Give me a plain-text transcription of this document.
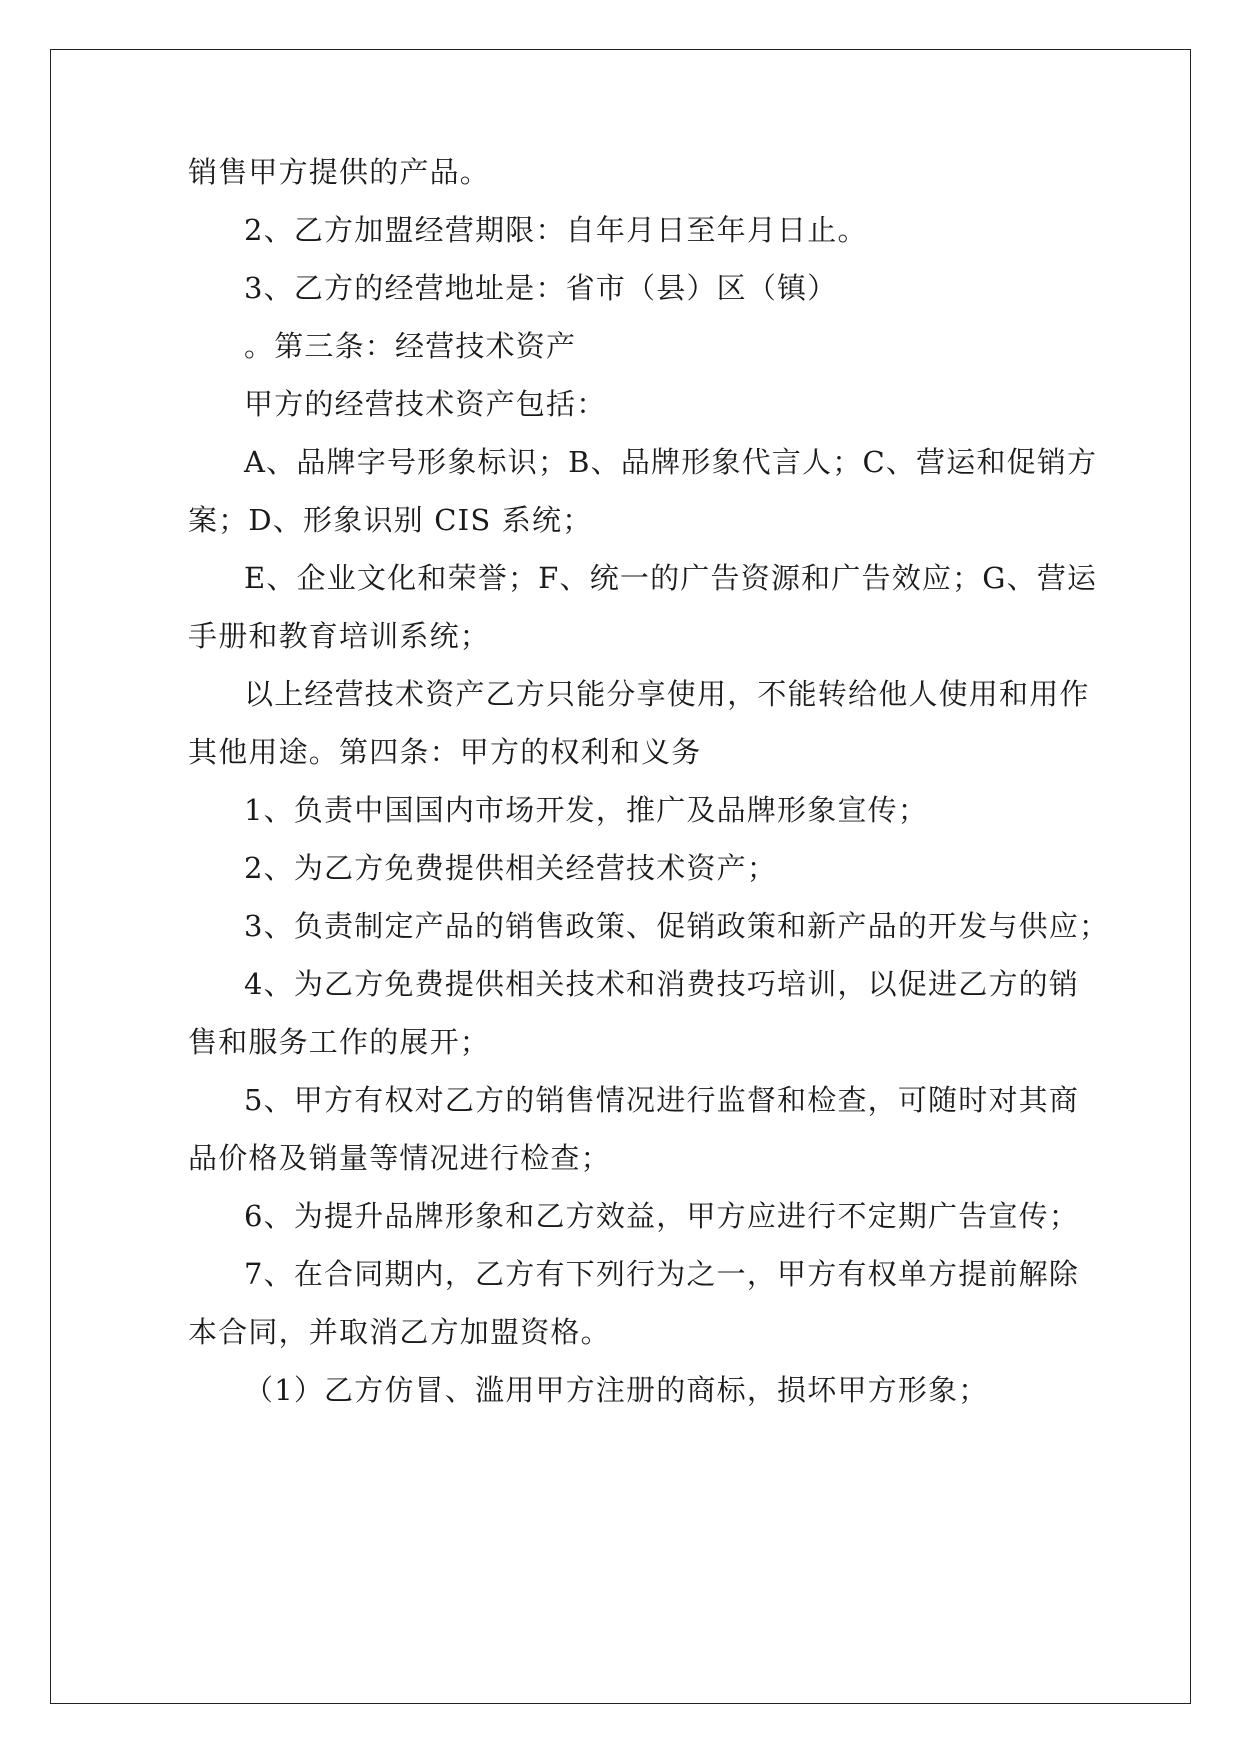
销售甲方提供的产品。
2、乙方加盟经营期限：自年月日至年月日止。
3、乙方的经营地址是：省市（县）区（镇）
。第三条：经营技术资产
甲方的经营技术资产包括：
A、品牌字号形象标识；B、品牌形象代言人；C、营运和促销方
案；D、形象识别 CIS 系统；
E、企业文化和荣誉；F、统一的广告资源和广告效应；G、营运
手册和教育培训系统；
以上经营技术资产乙方只能分享使用，不能转给他人使用和用作
其他用途。第四条：甲方的权利和义务
1、负责中国国内市场开发，推广及品牌形象宣传；
2、为乙方免费提供相关经营技术资产；
3、负责制定产品的销售政策、促销政策和新产品的开发与供应；
4、为乙方免费提供相关技术和消费技巧培训，以促进乙方的销
售和服务工作的展开；
5、甲方有权对乙方的销售情况进行监督和检查，可随时对其商
品价格及销量等情况进行检查；
6、为提升品牌形象和乙方效益，甲方应进行不定期广告宣传；
7、在合同期内，乙方有下列行为之一，甲方有权单方提前解除
本合同，并取消乙方加盟资格。
（1）乙方仿冒、滥用甲方注册的商标，损坏甲方形象；
